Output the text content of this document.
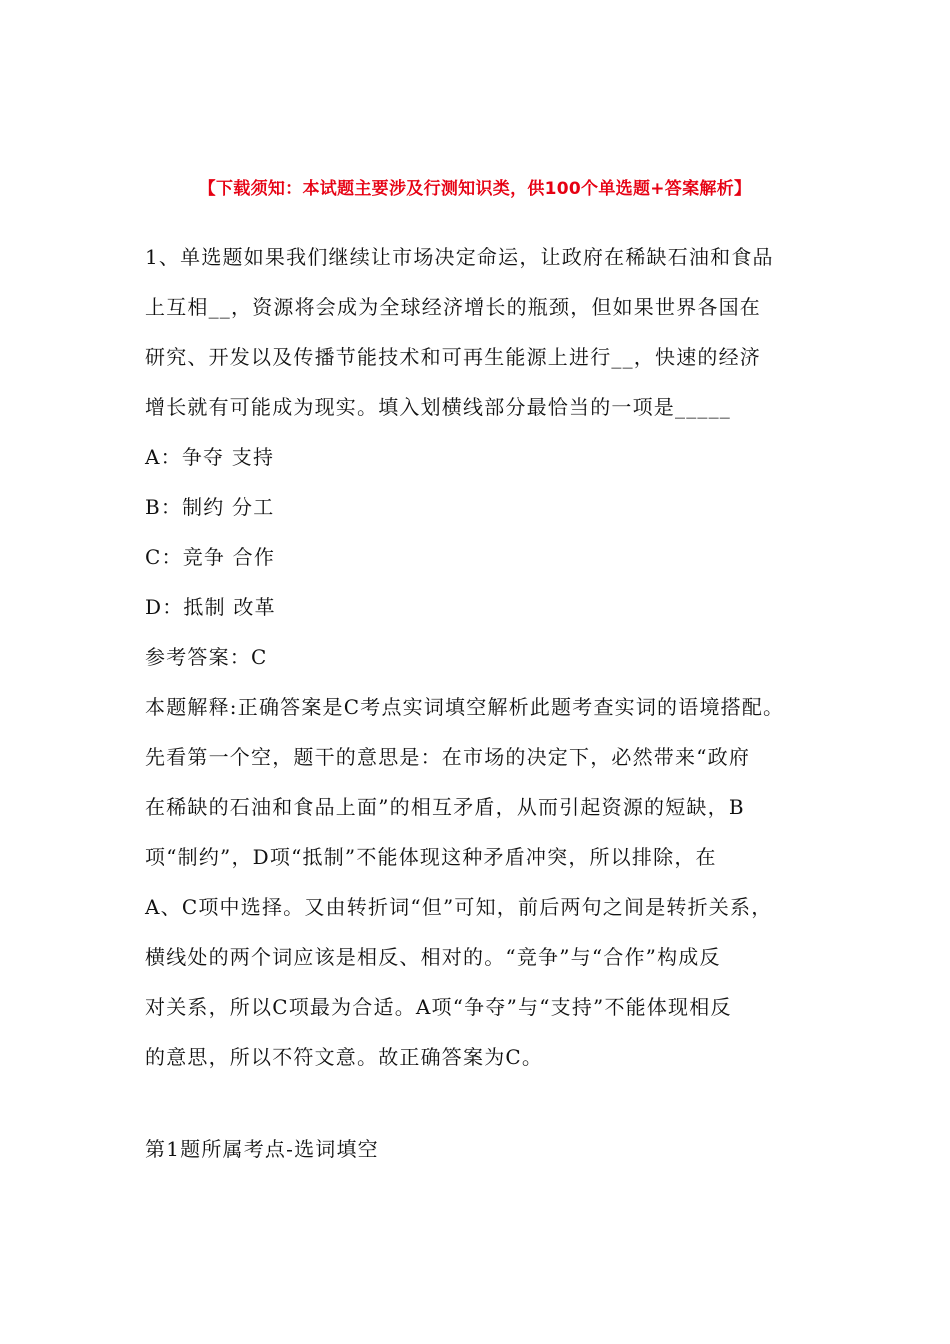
【下载须知：本试题主要涉及行测知识类，供100个单选题+答案解析】
1、单选题如果我们继续让市场决定命运，让政府在稀缺石油和食品
上互相__，资源将会成为全球经济增长的瓶颈，但如果世界各国在
研究、开发以及传播节能技术和可再生能源上进行__，快速的经济
增长就有可能成为现实。填入划横线部分最恰当的一项是_____
A：争夺 支持
B：制约 分工
C：竞争 合作
D：抵制 改革
参考答案：C
本题解释:正确答案是C考点实词填空解析此题考查实词的语境搭配。
先看第一个空，题干的意思是：在市场的决定下，必然带来“政府
在稀缺的石油和食品上面”的相互矛盾，从而引起资源的短缺，B
项“制约”，D项“抵制”不能体现这种矛盾冲突，所以排除，在
A、C项中选择。又由转折词“但”可知，前后两句之间是转折关系，
横线处的两个词应该是相反、相对的。“竞争”与“合作”构成反
对关系，所以C项最为合适。A项“争夺”与“支持”不能体现相反
的意思，所以不符文意。故正确答案为C。
第1题所属考点-选词填空
